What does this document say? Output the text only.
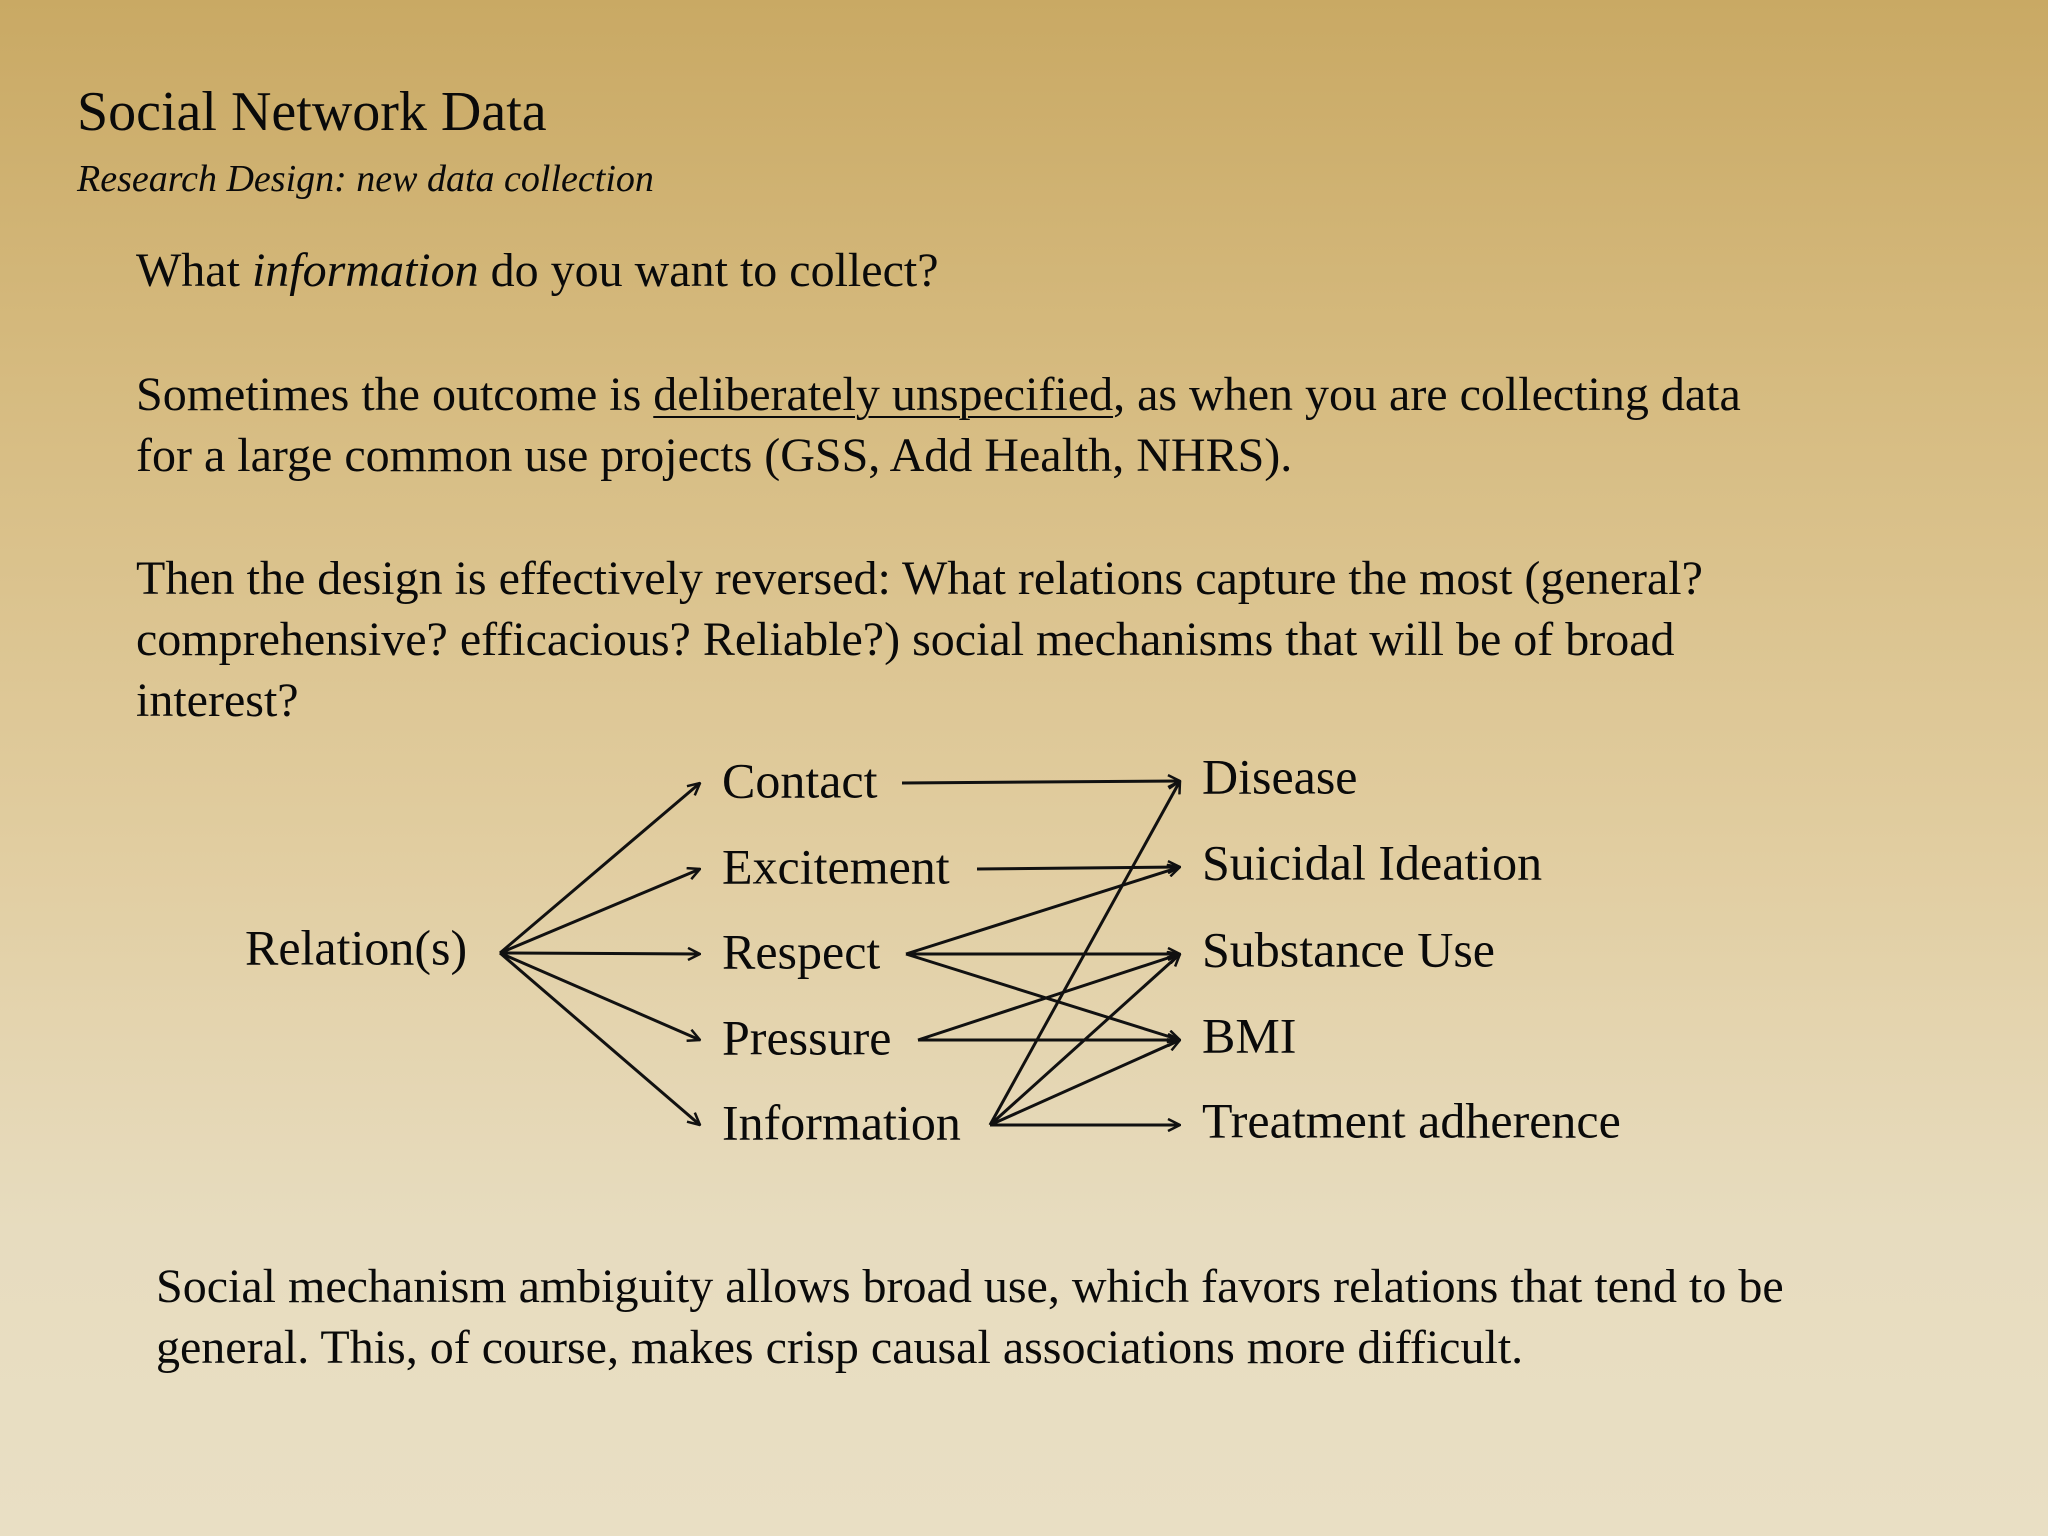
Social Network Data
Research Design: new data collection
What information do you want to collect?
Sometimes the outcome is deliberately unspecified, as when you are collecting data
for a large common use projects (GSS, Add Health, NHRS).
Then the design is effectively reversed: What relations capture the most (general?
comprehensive? efficacious? Reliable?) social mechanisms that will be of broad
interest?
Relation(s)
Contact
Excitement
Respect
Pressure
Information
Disease
Suicidal Ideation
Substance Use
BMI
Treatment adherence
Social mechanism ambiguity allows broad use, which favors relations that tend to be
general. This, of course, makes crisp causal associations more difficult.
